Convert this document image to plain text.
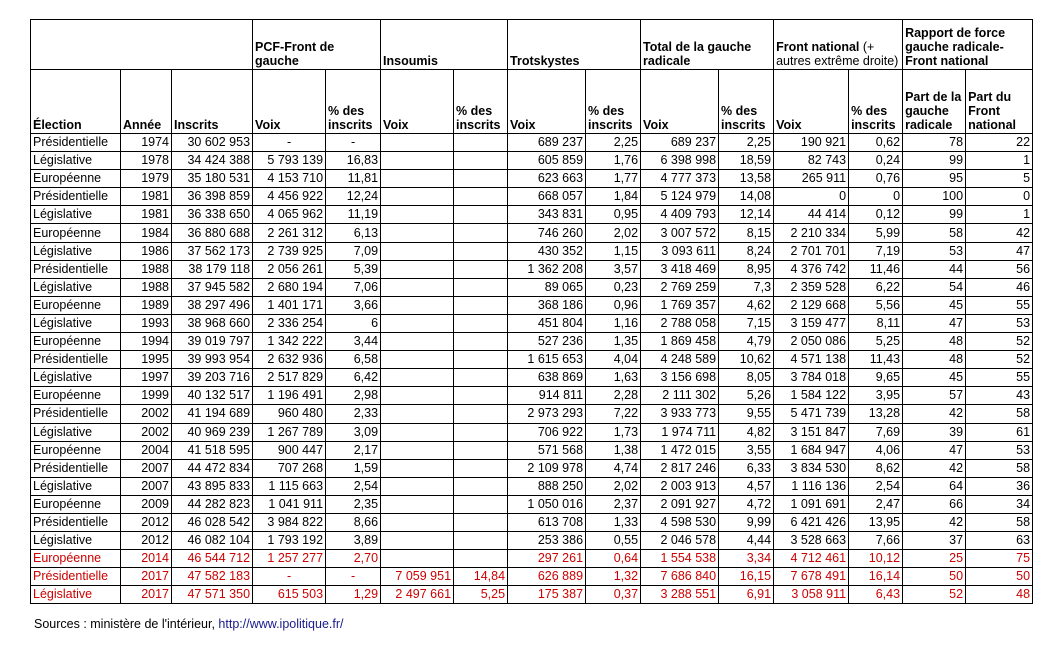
			PCF-Front de gauche		Insoumis		Trotskystes		Total de la gauche radicale		Front national (+ autres extrême droite)		Rapport de force gauche radicale-Front national	
Élection	Année	Inscrits	Voix	% des inscrits	Voix	% des inscrits	Voix	% des inscrits	Voix	% des inscrits	Voix	% des inscrits	Part de la gauche radicale	Part du Front national
Présidentielle	1974	30 602 953	-	-			689 237	2,25	689 237	2,25	190 921	0,62	78	22
Législative	1978	34 424 388	5 793 139	16,83			605 859	1,76	6 398 998	18,59	82 743	0,24	99	1
Européenne	1979	35 180 531	4 153 710	11,81			623 663	1,77	4 777 373	13,58	265 911	0,76	95	5
Présidentielle	1981	36 398 859	4 456 922	12,24			668 057	1,84	5 124 979	14,08	0	0	100	0
Législative	1981	36 338 650	4 065 962	11,19			343 831	0,95	4 409 793	12,14	44 414	0,12	99	1
Européenne	1984	36 880 688	2 261 312	6,13			746 260	2,02	3 007 572	8,15	2 210 334	5,99	58	42
Législative	1986	37 562 173	2 739 925	7,09			430 352	1,15	3 093 611	8,24	2 701 701	7,19	53	47
Présidentielle	1988	38 179 118	2 056 261	5,39			1 362 208	3,57	3 418 469	8,95	4 376 742	11,46	44	56
Législative	1988	37 945 582	2 680 194	7,06			89 065	0,23	2 769 259	7,3	2 359 528	6,22	54	46
Européenne	1989	38 297 496	1 401 171	3,66			368 186	0,96	1 769 357	4,62	2 129 668	5,56	45	55
Législative	1993	38 968 660	2 336 254	6			451 804	1,16	2 788 058	7,15	3 159 477	8,11	47	53
Européenne	1994	39 019 797	1 342 222	3,44			527 236	1,35	1 869 458	4,79	2 050 086	5,25	48	52
Présidentielle	1995	39 993 954	2 632 936	6,58			1 615 653	4,04	4 248 589	10,62	4 571 138	11,43	48	52
Législative	1997	39 203 716	2 517 829	6,42			638 869	1,63	3 156 698	8,05	3 784 018	9,65	45	55
Européenne	1999	40 132 517	1 196 491	2,98			914 811	2,28	2 111 302	5,26	1 584 122	3,95	57	43
Présidentielle	2002	41 194 689	960 480	2,33			2 973 293	7,22	3 933 773	9,55	5 471 739	13,28	42	58
Législative	2002	40 969 239	1 267 789	3,09			706 922	1,73	1 974 711	4,82	3 151 847	7,69	39	61
Européenne	2004	41 518 595	900 447	2,17			571 568	1,38	1 472 015	3,55	1 684 947	4,06	47	53
Présidentielle	2007	44 472 834	707 268	1,59			2 109 978	4,74	2 817 246	6,33	3 834 530	8,62	42	58
Législative	2007	43 895 833	1 115 663	2,54			888 250	2,02	2 003 913	4,57	1 116 136	2,54	64	36
Européenne	2009	44 282 823	1 041 911	2,35			1 050 016	2,37	2 091 927	4,72	1 091 691	2,47	66	34
Présidentielle	2012	46 028 542	3 984 822	8,66			613 708	1,33	4 598 530	9,99	6 421 426	13,95	42	58
Législative	2012	46 082 104	1 793 192	3,89			253 386	0,55	2 046 578	4,44	3 528 663	7,66	37	63
Européenne	2014	46 544 712	1 257 277	2,70			297 261	0,64	1 554 538	3,34	4 712 461	10,12	25	75
Présidentielle	2017	47 582 183	-	-	7 059 951	14,84	626 889	1,32	7 686 840	16,15	7 678 491	16,14	50	50
Législative	2017	47 571 350	615 503	1,29	2 497 661	5,25	175 387	0,37	3 288 551	6,91	3 058 911	6,43	52	48
Sources : ministère de l'intérieur, http://www.ipolitique.fr/
